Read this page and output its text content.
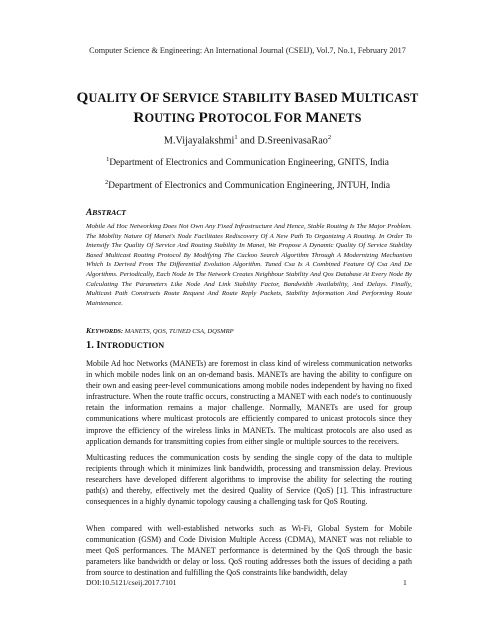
Computer Science & Engineering: An International Journal (CSEIJ), Vol.7, No.1, February 2017
QUALITY OF SERVICE STABILITY BASED MULTICAST
ROUTING PROTOCOL FOR MANETS
M.Vijayalakshmi$^1$ and D.SreenivasaRao$^2$
$^1$Department of Electronics and Communication Engineering, GNITS, India
$^2$Department of Electronics and Communication Engineering, JNTUH, India
ABSTRACT

Mobile Ad Hoc Networking Does Not Own Any Fixed Infrastructure And Hence, Stable Routing Is The Major Problem. The Mobility Nature Of Manet's Node Facilitates Rediscovery Of A New Path To Organizing A Routing. In Order To Intensify The Quality Of Service And Routing Stability In Manet, We Propose A Dynamic Quality Of Service Stability Based Multicast Routing Protocol By Modifying The Cuckoo Search Algorithm Through A Modernizing Mechanism Which Is Derived From The Differential Evolution Algorithm. Tuned Csa Is A Combined Feature Of Csa And De Algorithms. Periodically, Each Node In The Network Creates Neighbour Stability And Qos Database At Every Node By Calculating The Parameters Like Node And Link Stability Factor, Bandwidth Availability, And Delays. Finally, Multicast Path Constructs Route Request And Route Reply Packets, Stability Information And Performing Route Maintenance.

KEYWORDS: MANETS, QOS, TUNED CSA, DQSMRP
1. INTRODUCTION

Mobile Ad hoc Networks (MANETs) are foremost in class kind of wireless communication networks in which mobile nodes link on an on-demand basis. MANETs are having the ability to configure on their own and easing peer-level communications among mobile nodes independent by having no fixed infrastructure. When the route traffic occurs, constructing a MANET with each node's to continuously retain the information remains a major challenge. Normally, MANETs are used for group communications where multicast protocols are efficiently compared to unicast protocols since they improve the efficiency of the wireless links in MANETs. The multicast protocols are also used as application demands for transmitting copies from either single or multiple sources to the receivers.

Multicasting reduces the communication costs by sending the single copy of the data to multiple recipients through which it minimizes link bandwidth, processing and transmission delay. Previous researchers have developed different algorithms to improvise the ability for selecting the routing path(s) and thereby, effectively met the desired Quality of Service (QoS) [1]. This infrastructure consequences in a highly dynamic topology causing a challenging task for QoS Routing.

When compared with well-established networks such as Wi-Fi, Global System for Mobile communication (GSM) and Code Division Multiple Access (CDMA), MANET was not reliable to meet QoS performances. The MANET performance is determined by the QoS through the basic parameters like bandwidth or delay or loss. QoS routing addresses both the issues of deciding a path from source to destination and fulfilling the QoS constraints like bandwidth, delay

DOI:10.5121/cseij.2017.7101	1
